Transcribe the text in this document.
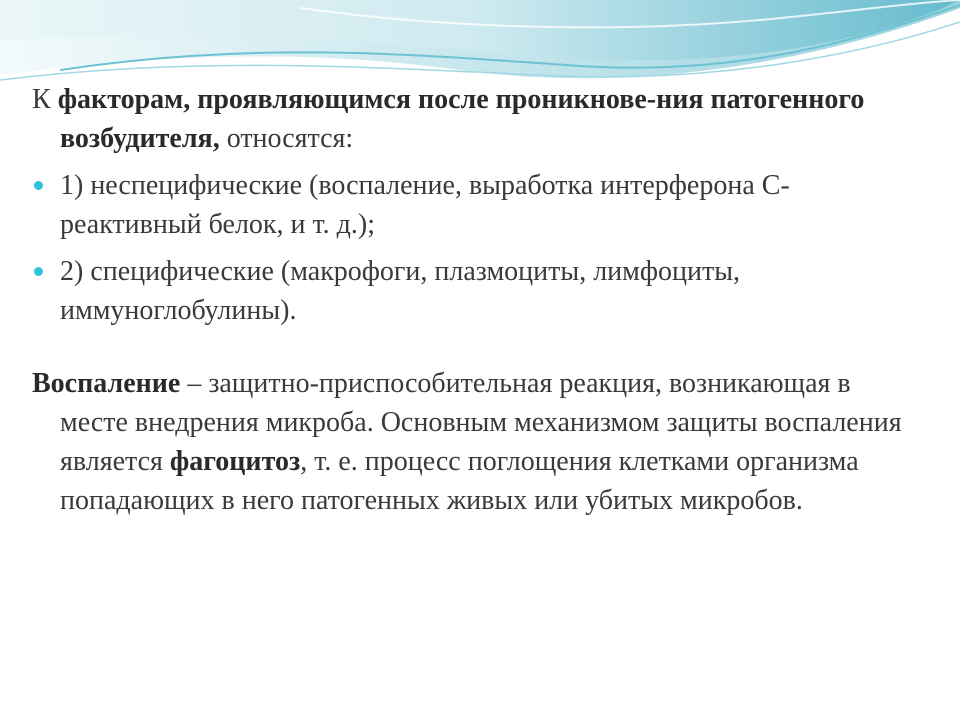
К факторам, проявляющимся после проникнове-ния патогенного возбудителя, относятся:

1) неспецифические (воспаление, выработка интерферона С-реактивный белок, и т. д.);
2) специфические (макрофоги, плазмоциты, лимфоциты, иммуноглобулины).

Воспаление – защитно-приспособительная реакция, возникающая в месте внедрения микроба. Основным механизмом защиты воспаления является фагоцитоз, т. е. процесс поглощения клетками организма попадающих в него патогенных живых или убитых микробов.
